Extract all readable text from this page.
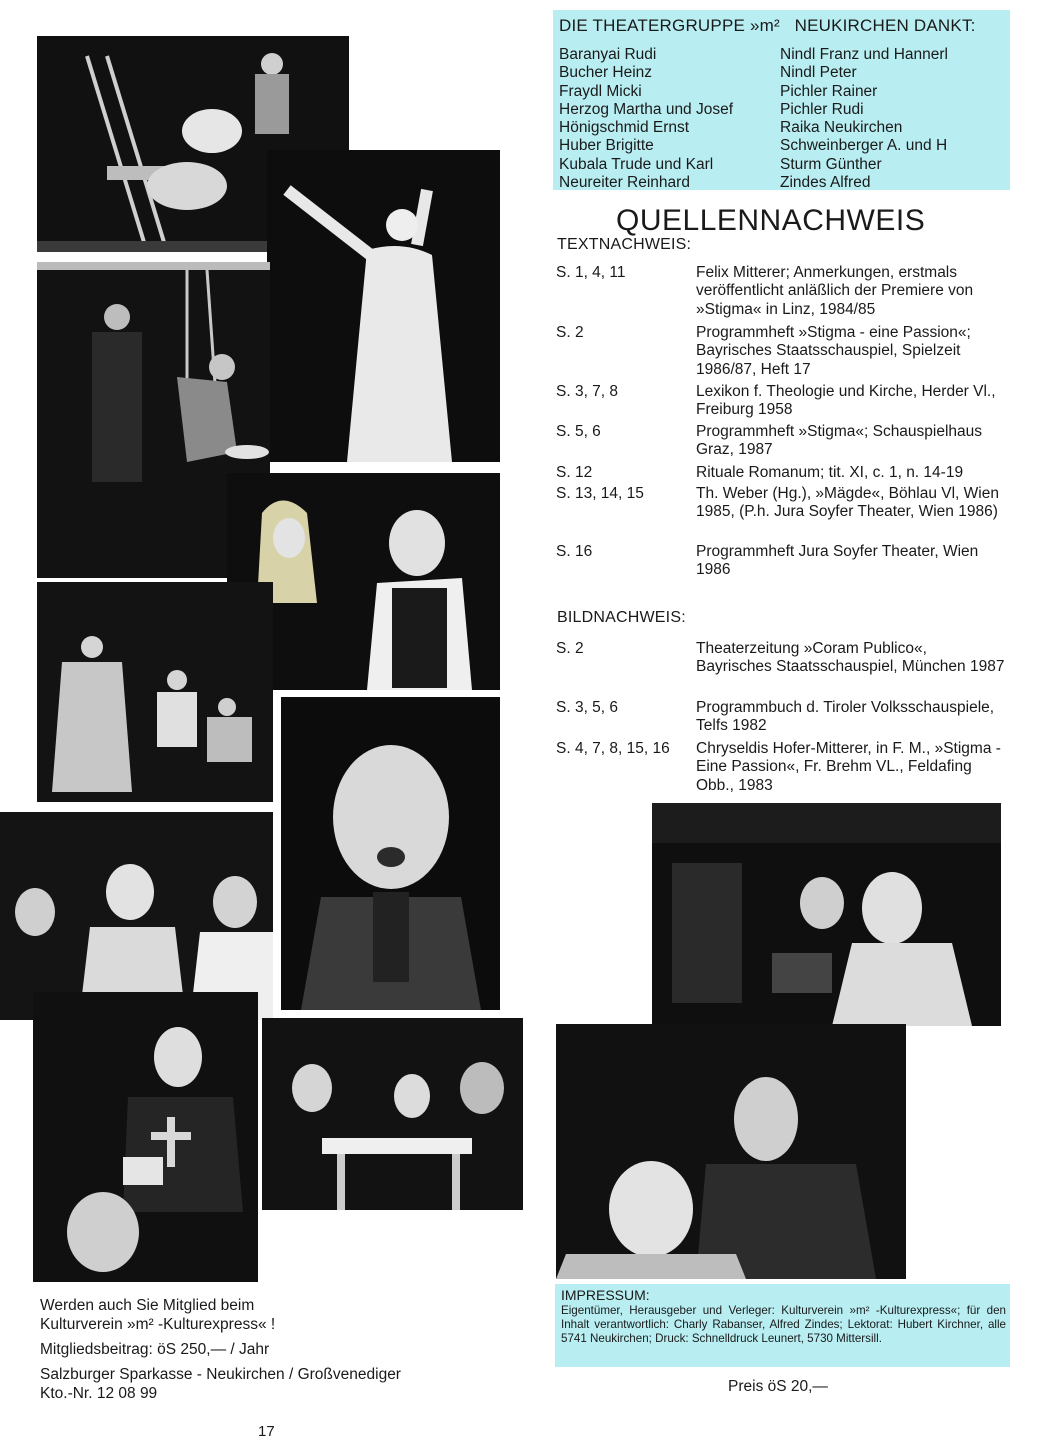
DIE THEATERGRUPPE »m²   NEUKIRCHEN DANKT:
Baranyai Rudi
Bucher Heinz
Fraydl Micki
Herzog Martha und Josef
Hönigschmid Ernst
Huber Brigitte
Kubala Trude und Karl
Neureiter Reinhard
Nindl Franz und Hannerl
Nindl Peter
Pichler Rainer
Pichler Rudi
Raika Neukirchen
Schweinberger A. und H
Sturm Günther
Zindes Alfred
QUELLENNACHWEIS
TEXTNACHWEIS:
S. 1, 4, 11	Felix Mitterer; Anmerkungen, erstmals veröffentlicht anläßlich der Premiere von »Stigma« in Linz, 1984/85
S. 2	Programmheft »Stigma - eine Passion«; Bayrisches Staatsschauspiel, Spielzeit 1986/87, Heft 17
S. 3, 7, 8	Lexikon f. Theologie und Kirche, Herder Vl., Freiburg 1958
S. 5, 6	Programmheft »Stigma«; Schauspielhaus Graz, 1987
S. 12	Rituale Romanum; tit. XI, c. 1, n. 14-19
S. 13, 14, 15	Th. Weber (Hg.), »Mägde«, Böhlau Vl, Wien 1985, (P.h. Jura Soyfer Theater, Wien 1986)
S. 16	Programmheft Jura Soyfer Theater, Wien 1986
BILDNACHWEIS:
S. 2	Theaterzeitung »Coram Publico«, Bayrisches Staatsschauspiel, München 1987
S. 3, 5, 6	Programmbuch d. Tiroler Volksschauspiele, Telfs 1982
S. 4, 7, 8, 15, 16 Chryseldis Hofer-Mitterer, in F. M., »Stigma - Eine Passion«, Fr. Brehm VL., Feldafing Obb., 1983
IMPRESSUM:
Eigentümer, Herausgeber und Verleger: Kulturverein »m² -Kulturexpress«; für den Inhalt verantwortlich: Charly Rabanser, Alfred Zindes; Lektorat: Hubert Kirchner, alle 5741 Neukirchen; Druck: Schnelldruck Leunert, 5730 Mittersill.
Preis öS 20,—
Werden auch Sie Mitglied beim
Kulturverein »m² -Kulturexpress« !
Mitgliedsbeitrag: öS 250,— / Jahr
Salzburger Sparkasse - Neukirchen / Großvenediger
Kto.-Nr. 12 08 99
17
